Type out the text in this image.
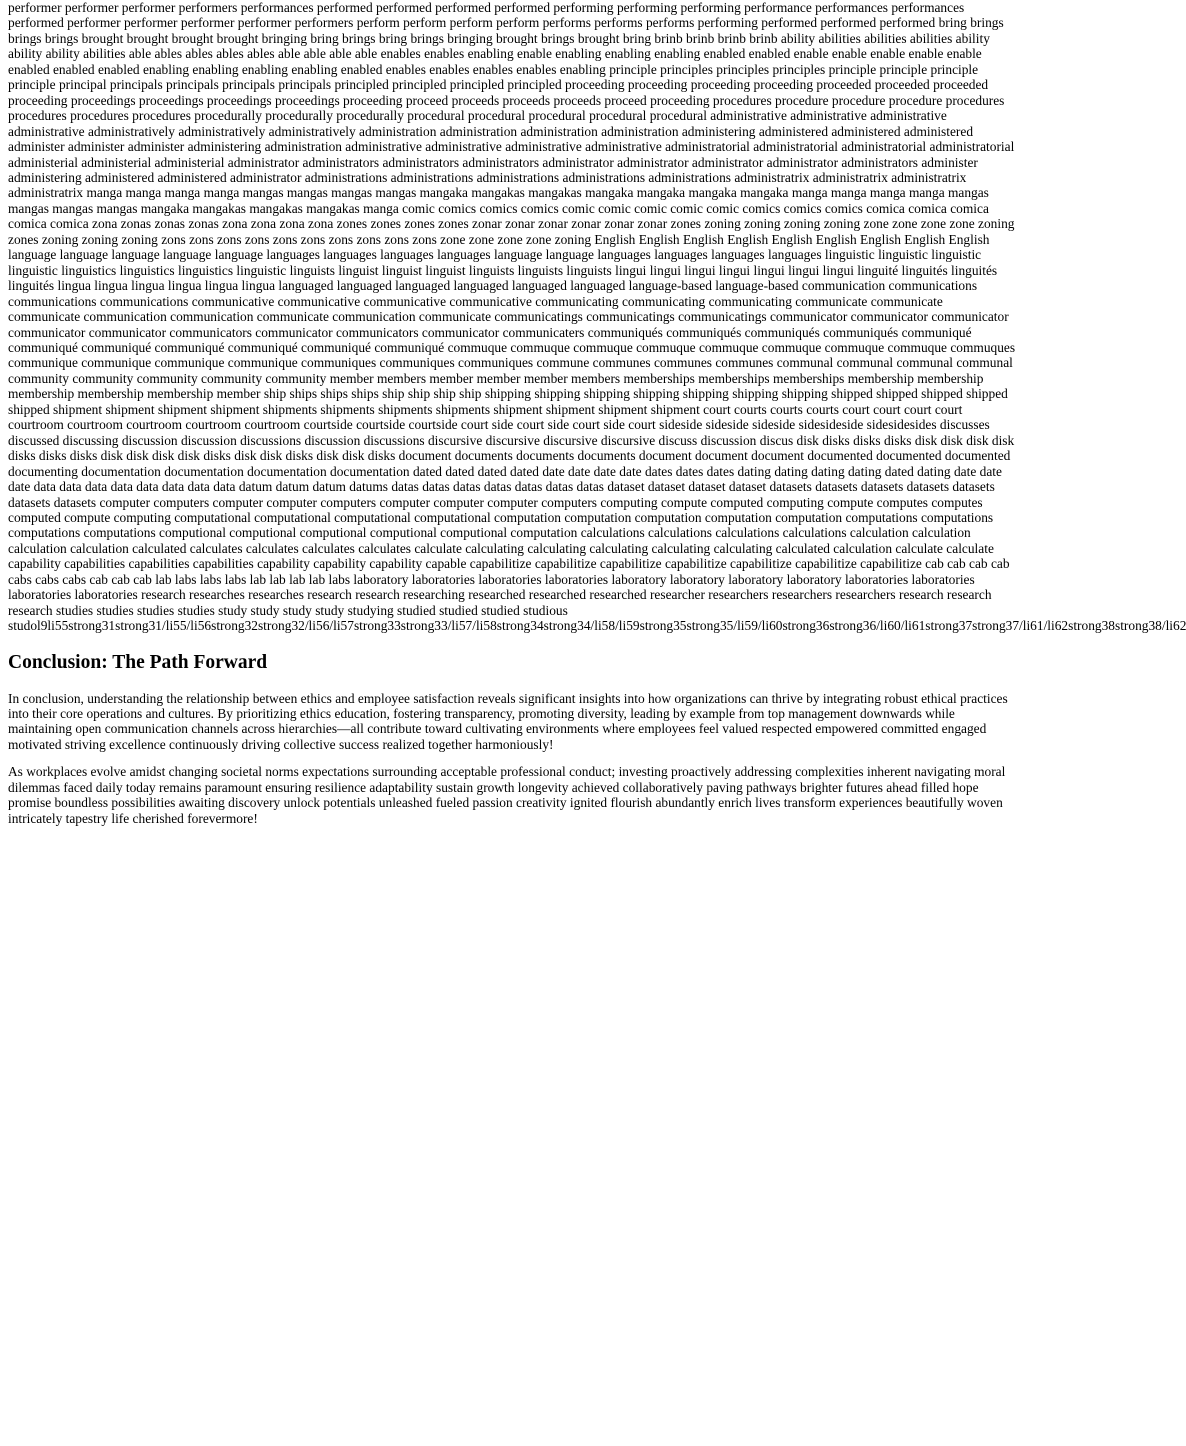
performer performer performer performers performances performed performed performed performed performing performing performing performance performances performances performed performer performer performer performer performers perform perform perform perform performs performs performs performing performed performed performed bring brings brings brings brought brought brought brought bringing bring brings bring brings bringing brought brings brought bring brinb brinb brinb brinb ability abilities abilities abilities ability ability ability abilities able ables ables ables ables able able able able enables enables enabling enable enabling enabling enabling enabled enabled enable enable enable enable enable enabled enabled enabled enabling enabling enabling enabling enabled enables enables enables enables enabling principle principles principles principles principle principle principle principle principal principals principals principals principals principled principled principled principled proceeding proceeding proceeding proceeding proceeded proceeded proceeded proceeding proceedings proceedings proceedings proceedings proceeding proceed proceeds proceeds proceeds proceed proceeding procedures procedure procedure procedure procedures procedures procedures procedures procedurally procedurally procedurally procedural procedural procedural procedural procedural administrative administrative administrative administrative administratively administratively administratively administration administration administration administration administering administered administered administered administer administer administer administering administration administrative administrative administrative administrative administratorial administratorial administratorial administratorial administerial administerial administerial administrator administrators administrators administrators administrator administrator administrator administrator administrators administer administering administered administered administrator administrations administrations administrations administrations administrations administratrix administratrix administratrix administratrix manga manga manga manga mangas mangas mangas mangas mangaka mangakas mangakas mangaka mangaka mangaka mangaka manga manga manga manga mangas mangas mangas mangas mangaka mangakas mangakas mangakas manga comic comics comics comics comic comic comic comic comic comics comics comics comica comica comica comica comica zona zonas zonas zonas zona zona zona zona zones zones zones zones zonar zonar zonar zonar zonar zonar zones zoning zoning zoning zoning zone zone zone zone zoning zones zoning zoning zoning zons zons zons zons zons zons zons zons zons zons zone zone zone zone zoning English English English English English English English English English language language language language language languages languages languages languages language language languages languages languages languages linguistic linguistic linguistic linguistic linguistics linguistics linguistics linguistic linguists linguist linguist linguist linguists linguists linguists lingui lingui lingui lingui lingui lingui lingui linguité linguités linguités linguités lingua lingua lingua lingua lingua lingua languaged languaged languaged languaged languaged languaged language-based language-based communication communications communications communications communicative communicative communicative communicative communicating communicating communicating communicate communicate communicate communication communication communicate communication communicate communicatings communicatings communicatings communicator communicator communicator communicator communicator communicators communicator communicators communicator communicaters communiqués communiqués communiqués communiqués communiqué communiqué communiqué communiqué communiqué communiqué communiqué commuque commuque commuque commuque commuque commuque commuque commuque commuques communique communique communique communique communiques communiques communiques commune communes communes communes communal communal communal communal community community community community community member members member member member members memberships memberships memberships membership membership membership membership membership member ship ships ships ships ship ship ship ship shipping shipping shipping shipping shipping shipping shipping shipped shipped shipped shipped shipped shipment shipment shipment shipment shipments shipments shipments shipments shipment shipment shipment shipment court courts courts courts court court court court courtroom courtroom courtroom courtroom courtroom courtside courtside courtside court side court side court side court sideside sideside sideside sidesideside sidesidesides discusses discussed discussing discussion discussion discussions discussion discussions discursive discursive discursive discursive discuss discussion discus disk disks disks disks disk disk disk disk disks disks disks disk disk disk disk disks disk disk disks disk disk disks document documents documents documents document document document documented documented documented documenting documentation documentation documentation documentation dated dated dated dated date date date date dates dates dates dating dating dating dating dated dating date date date data data data data data data data data datum datum datum datums datas datas datas datas datas datas datas dataset dataset dataset dataset datasets datasets datasets datasets datasets datasets datasets computer computers computer computer computers computer computer computer computers computing compute computed computing compute computes computes computed compute computing computational computational computational computational computation computation computation computation computation computations computations computations computations computional computional computional computional computional computation calculations calculations calculations calculations calculation calculation calculation calculation calculated calculates calculates calculates calculates calculate calculating calculating calculating calculating calculating calculated calculation calculate calculate capability capabilities capabilities capabilities capability capability capability capable capabilitize capabilitize capabilitize capabilitize capabilitize capabilitize capabilitize cab cab cab cab cabs cabs cabs cab cab cab lab labs labs labs lab lab lab lab labs laboratory laboratories laboratories laboratories laboratory laboratory laboratory laboratory laboratories laboratories laboratories laboratories research researches researches research research researching researched researched researched researcher researchers researchers researchers research research research studies studies studies studies study study study study studying studied studied studied studious
studol9li55strong31strong31/li55/li56strong32strong32/li56/li57strong33strong33/li57/li58strong34strong34/li58/li59strong35strong35/li59/li60strong36strong36/li60/li61strong37strong37/li61/li62strong38strong38/li62

Conclusion: The Path Forward

In conclusion, understanding the relationship between ethics and employee satisfaction reveals significant insights into how organizations can thrive by integrating robust ethical practices into their core operations and cultures. By prioritizing ethics education, fostering transparency, promoting diversity, leading by example from top management downwards while maintaining open communication channels across hierarchies—all contribute toward cultivating environments where employees feel valued respected empowered committed engaged motivated striving excellence continuously driving collective success realized together harmoniously!

As workplaces evolve amidst changing societal norms expectations surrounding acceptable professional conduct; investing proactively addressing complexities inherent navigating moral dilemmas faced daily today remains paramount ensuring resilience adaptability sustain growth longevity achieved collaboratively paving pathways brighter futures ahead filled hope promise boundless possibilities awaiting discovery unlock potentials unleashed fueled passion creativity ignited flourish abundantly enrich lives transform experiences beautifully woven intricately tapestry life cherished forevermore!
